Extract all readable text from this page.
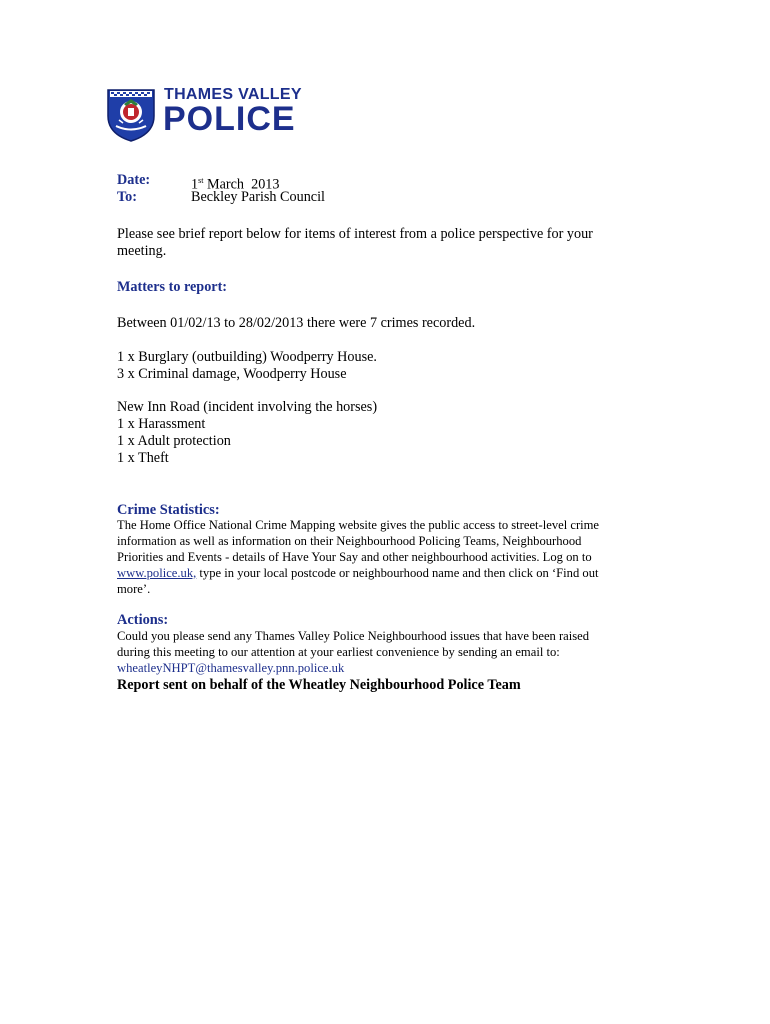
THAMES VALLEY
POLICE
Date:	1st March  2013
To:	Beckley Parish Council
Please see brief report below for items of interest from a police perspective for your
meeting.
Matters to report:
Between 01/02/13 to 28/02/2013 there were 7 crimes recorded.
1 x Burglary (outbuilding) Woodperry House.
3 x Criminal damage, Woodperry House
New Inn Road (incident involving the horses)
1 x Harassment
1 x Adult protection
1 x Theft
Crime Statistics:
The Home Office National Crime Mapping website gives the public access to street-level crime
information as well as information on their Neighbourhood Policing Teams, Neighbourhood
Priorities and Events - details of Have Your Say and other neighbourhood activities. Log on to
www.police.uk, type in your local postcode or neighbourhood name and then click on ‘Find out
more’.
Actions:
Could you please send any Thames Valley Police Neighbourhood issues that have been raised
during this meeting to our attention at your earliest convenience by sending an email to:
wheatleyNHPT@thamesvalley.pnn.police.uk
Report sent on behalf of the Wheatley Neighbourhood Police Team
